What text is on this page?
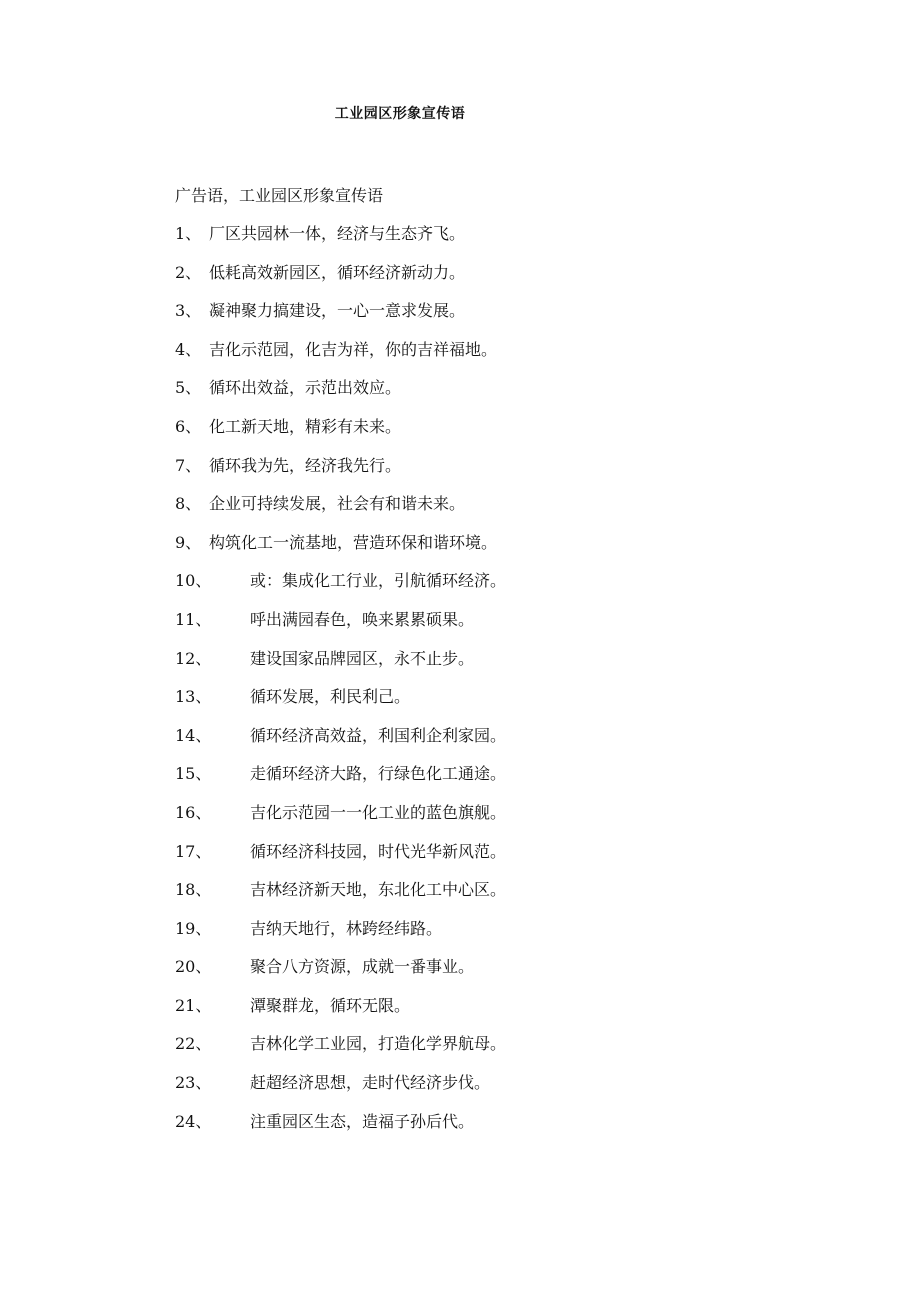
工业园区形象宣传语
广告语，工业园区形象宣传语
1、 厂区共园林一体，经济与生态齐飞。
2、 低耗高效新园区，循环经济新动力。
3、 凝神聚力搞建设，一心一意求发展。
4、 吉化示范园，化吉为祥，你的吉祥福地。
5、 循环出效益，示范出效应。
6、 化工新天地，精彩有未来。
7、 循环我为先，经济我先行。
8、 企业可持续发展，社会有和谐未来。
9、 构筑化工一流基地，营造环保和谐环境。
10、 或：集成化工行业，引航循环经济。
11、 呼出满园春色，唤来累累硕果。
12、 建设国家品牌园区，永不止步。
13、 循环发展，利民利己。
14、 循环经济高效益，利国利企利家园。
15、 走循环经济大路，行绿色化工通途。
16、 吉化示范园一一化工业的蓝色旗舰。
17、 循环经济科技园，时代光华新风范。
18、 吉林经济新天地，东北化工中心区。
19、 吉纳天地行，林跨经纬路。
20、 聚合八方资源，成就一番事业。
21、 潭聚群龙，循环无限。
22、 吉林化学工业园，打造化学界航母。
23、 赶超经济思想，走时代经济步伐。
24、 注重园区生态，造福子孙后代。
